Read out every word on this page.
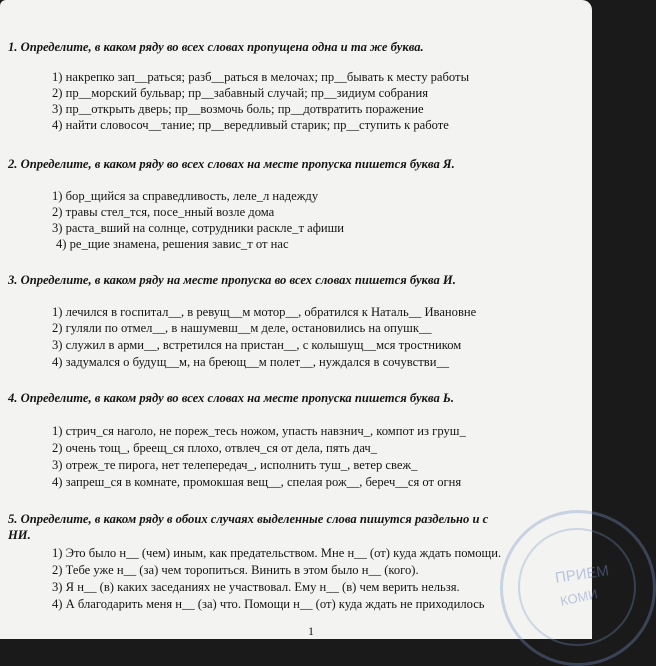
1. Определите, в каком ряду во всех словах пропущена одна и та же буква.
1) накрепко зап__раться; разб__раться в мелочах; пр__бывать к месту работы
2) пр__морский бульвар; пр__забавный случай; пр__зидиум собрания
3) пр__открыть дверь; пр__возмочь боль; пр__дотвратить поражение
4) найти словосоч__тание; пр__вередливый старик; пр__ступить к работе
2. Определите, в каком ряду во всех словах на месте пропуска пишется буква Я.
1) бор_щийся за справедливость, леле_л надежду
2) травы стел_тся, посе_нный возле дома
3) раста_вший на солнце, сотрудники раскле_т афиши
4) ре_щие знамена, решения завис_т от нас
3. Определите, в каком ряду на месте пропуска во всех словах пишется буква И.
1) лечился в госпитал__, в ревущ__м мотор__, обратился к Наталь__ Ивановне
2) гуляли по отмел__, в нашумевш__м деле, остановились на опушк__
3) служил в арми__, встретился на пристан__, с колышущ__мся тростником
4) задумался о будущ__м, на бреющ__м полет__, нуждался в сочувстви__
4. Определите, в каком ряду во всех словах на месте пропуска пишется буква Ь.
1) стрич_ся наголо, не пореж_тесь ножом, упасть навзнич_, компот из груш_
2) очень тощ_, бреещ_ся плохо, отвлеч_ся от дела, пять дач_
3) отреж_те пирога, нет телепередач_, исполнить туш_, ветер свеж_
4) запреш_ся в комнате, промокшая вещ__, спелая рож__, береч__ся от огня
5. Определите, в каком ряду в обоих случаях выделенные слова пишутся раздельно и с
НИ.
1) Это было н__ (чем) иным, как предательством. Мне н__ (от) куда ждать помощи.
2) Тебе уже н__ (за) чем торопиться. Винить в этом было н__ (кого).
3) Я н__ (в) каких заседаниях не участвовал. Ему н__ (в) чем верить нельзя.
4) А благодарить меня н__ (за) что. Помощи н__ (от) куда ждать не приходилось
ПРИЕМ
КОМИ
1
